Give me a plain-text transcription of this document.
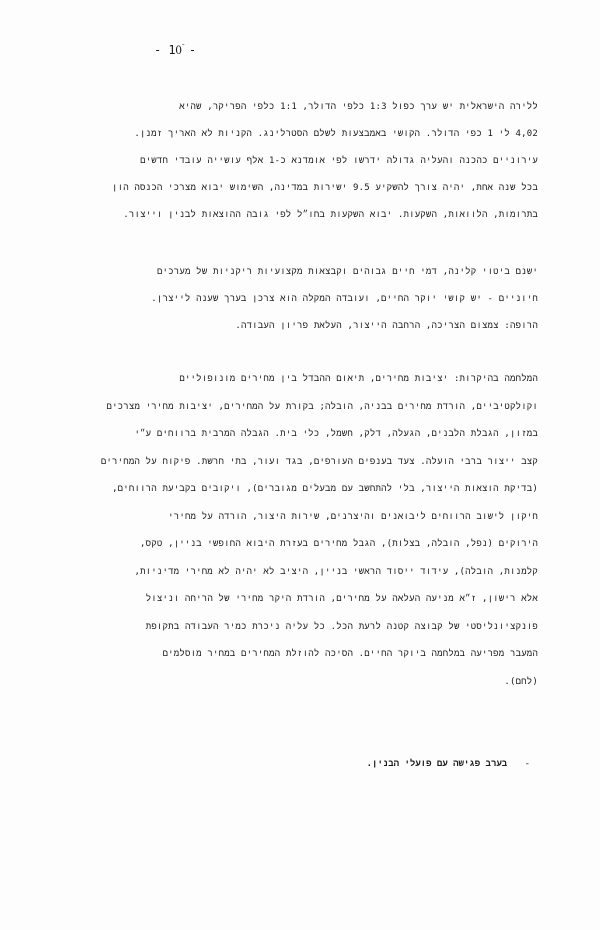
- 10ٙ -
ללירה הישראלית יש ערך כפול 1:3 כלפי הדולר, 1:1 כלפי הפריקר, שהיא
4,02 לי 1 כפי הדולר. הקושי באמבצעות לשלם הסטרלינג. הקניות לא האריך זמנן.
עירוניים כהכנה והעליה גדולה ידרשו לפי אומדנא כ-1 אלף עושייה עובדי חדשים
בכל שנה אחת, יהיה צורך להשקיע 9.5 ישירות במדינה, השימוש יבוא מצרכי הכנסה הון
בתרומות, הלוואות, השקעות. יבוא השקעות בחו״ל לפי גובה ההוצאות לבנין וייצור.
ישנם ביטוי קלינה, דמי חיים גבוהים וקבצאות מקצועיות ריקניות של מערכים
חיוניים - יש קושי יוקר החיים, ועובדה המקלה הוא צרכן בערך שענה לייצרן.
הרופה: צמצום הצריכה, הרחבה הייצור, העלאת פריון העבודה.
המלחמה בהיקרות: יציבות מחירים, תיאום ההבדל בין מחירים מונופוליים
וקולקטיביים, הורדת מחירים בבניה, הובלה; בקורת על המחירים, יציבות מחירי מצרכים
במזון, הגבלת הלבנים, הגעלה, דלק, חשמל, כלי בית. הגבלה המרבית ברווחים ע״י
קצב ייצור ברבי הועלה. צעד בענפים העורפים, בגד ועור, בתי חרשת. פיקוח על המחירים
(בדיקת הוצאות הייצור, בלי להתחשב עם מבעלים מגוברים), ויקובים בקביעת הרווחים,
חיקון לישוב הרווחים ליבואנים והיצרנים, שירות היצור, הורדה על מחירי
הירוקים (נפל, הובלה, בצלות), הגבל מחירים בעזרת היבוא החופשי בניין, טקס,
קלמנות, הובלה), עידוד ייסוד הראשי בניין, היציב לא יהיה לא מחירי מדיניות,
אלא רישון, ז״א מניעה העלאה על מחירים, הורדת היקר מחירי של הריחה וניצול
פונקציונליסטי של קבוצה קטנה לרעת הכל. כל עליה ניכרת כמיר העבודה בתקופת
המעבר מפריעה במלחמה ביוקר החיים. הסיכה להוזלת המחירים במחיר מוסלמים
(לחם).
- בערב פגישה עם פועלי הבנין.
